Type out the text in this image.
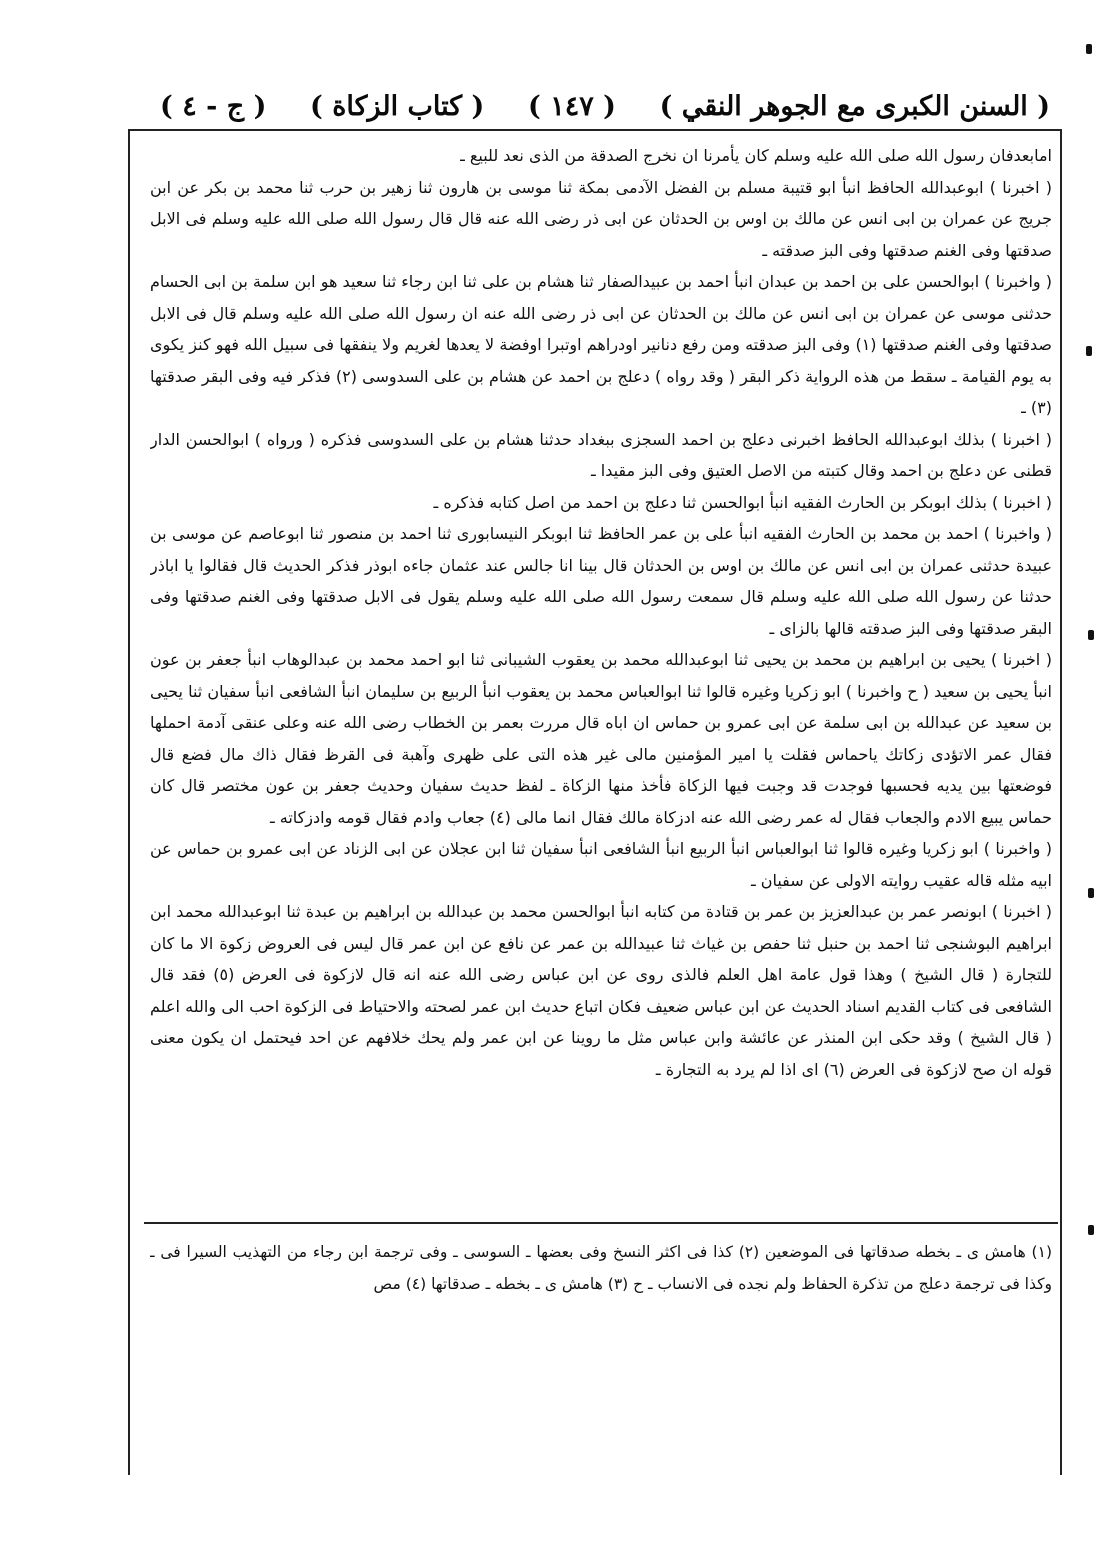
( السنن الكبرى مع الجوهر النقي )
( ١٤٧ )
( كتاب الزكاة )
( ج - ٤ )

امابعدفان رسول الله صلى الله عليه وسلم كان يأمرنا ان نخرج الصدقة من الذى نعد للبيع ـ

( اخبرنا ) ابوعبدالله الحافظ انبأ ابو قتيبة مسلم بن الفضل الآدمى بمكة ثنا موسى بن هارون ثنا زهير بن حرب ثنا محمد بن بكر عن ابن جريج عن عمران بن ابى انس عن مالك بن اوس بن الحدثان عن ابى ذر رضى الله عنه قال قال رسول الله صلى الله عليه وسلم فى الابل صدقتها وفى الغنم صدقتها وفى البز صدقته ـ

( واخبرنا ) ابوالحسن على بن احمد بن عبدان انبأ احمد بن عبيدالصفار ثنا هشام بن على ثنا ابن رجاء ثنا سعيد هو ابن سلمة بن ابى الحسام حدثنى موسى عن عمران بن ابى انس عن مالك بن الحدثان عن ابى ذر رضى الله عنه ان رسول الله صلى الله عليه وسلم قال فى الابل صدقتها وفى الغنم صدقتها (١) وفى البز صدقته ومن رفع دنانير اودراهم اوتبرا اوفضة لا يعدها لغريم ولا ينفقها فى سبيل الله فهو كنز يكوى به يوم القيامة ـ سقط من هذه الرواية ذكر البقر ( وقد رواه ) دعلج بن احمد عن هشام بن على السدوسى (٢) فذكر فيه وفى البقر صدقتها (٣) ـ

( اخبرنا ) بذلك ابوعبدالله الحافظ اخبرنى دعلج بن احمد السجزى ببغداد حدثنا هشام بن على السدوسى فذكره ( ورواه ) ابوالحسن الدار قطنى عن دعلج بن احمد وقال كتبته من الاصل العتيق وفى البز مقيدا ـ

( اخبرنا ) بذلك ابوبكر بن الحارث الفقيه انبأ ابوالحسن ثنا دعلج بن احمد من اصل كتابه فذكره ـ

( واخبرنا ) احمد بن محمد بن الحارث الفقيه انبأ على بن عمر الحافظ ثنا ابوبكر النيسابورى ثنا احمد بن منصور ثنا ابوعاصم عن موسى بن عبيدة حدثنى عمران بن ابى انس عن مالك بن اوس بن الحدثان قال بينا انا جالس عند عثمان جاءه ابوذر فذكر الحديث قال فقالوا يا اباذر حدثنا عن رسول الله صلى الله عليه وسلم قال سمعت رسول الله صلى الله عليه وسلم يقول فى الابل صدقتها وفى الغنم صدقتها وفى البقر صدقتها وفى البز صدقته قالها بالزاى ـ

( اخبرنا ) يحيى بن ابراهيم بن محمد بن يحيى ثنا ابوعبدالله محمد بن يعقوب الشيبانى ثنا ابو احمد محمد بن عبدالوهاب انبأ جعفر بن عون انبأ يحيى بن سعيد ( ح واخبرنا ) ابو زكريا وغيره قالوا ثنا ابوالعباس محمد بن يعقوب انبأ الربيع بن سليمان انبأ الشافعى انبأ سفيان ثنا يحيى بن سعيد عن عبدالله بن ابى سلمة عن ابى عمرو بن حماس ان اباه قال مررت بعمر بن الخطاب رضى الله عنه وعلى عنقى آدمة احملها فقال عمر الاتؤدى زكاتك ياحماس فقلت يا امير المؤمنين مالى غير هذه التى على ظهرى وآهبة فى القرظ فقال ذاك مال فضع قال فوضعتها بين يديه فحسبها فوجدت قد وجبت فيها الزكاة فأخذ منها الزكاة ـ لفظ حديث سفيان وحديث جعفر بن عون مختصر قال كان حماس يبيع الادم والجعاب فقال له عمر رضى الله عنه ادزكاة مالك فقال انما مالى (٤) جعاب وادم فقال قومه وادزكاته ـ

( واخبرنا ) ابو زكريا وغيره قالوا ثنا ابوالعباس انبأ الربيع انبأ الشافعى انبأ سفيان ثنا ابن عجلان عن ابى الزناد عن ابى عمرو بن حماس عن ابيه مثله قاله عقيب روايته الاولى عن سفيان ـ

( اخبرنا ) ابونصر عمر بن عبدالعزيز بن عمر بن قتادة من كتابه انبأ ابوالحسن محمد بن عبدالله بن ابراهيم بن عبدة ثنا ابوعبدالله محمد ابن ابراهيم البوشنجى ثنا احمد بن حنبل ثنا حفص بن غياث ثنا عبيدالله بن عمر عن نافع عن ابن عمر قال ليس فى العروض زكوة الا ما كان للتجارة ( قال الشيخ ) وهذا قول عامة اهل العلم فالذى روى عن ابن عباس رضى الله عنه انه قال لازكوة فى العرض (٥) فقد قال الشافعى فى كتاب القديم اسناد الحديث عن ابن عباس ضعيف فكان اتباع حديث ابن عمر لصحته والاحتياط فى الزكوة احب الى والله اعلم ( قال الشيخ ) وقد حكى ابن المنذر عن عائشة وابن عباس مثل ما روينا عن ابن عمر ولم يحك خلافهم عن احد فيحتمل ان يكون معنى قوله ان صح لازكوة فى العرض (٦) اى اذا لم يرد به التجارة ـ

(١) هامش ى ـ بخطه صدقاتها فى الموضعين (٢) كذا فى اكثر النسخ وفى بعضها ـ السوسى ـ وفى ترجمة ابن رجاء من التهذيب السيرا فى ـ وكذا فى ترجمة دعلج من تذكرة الحفاظ ولم نجده فى الانساب ـ ح (٣) هامش ى ـ بخطه ـ صدقاتها (٤) مص
